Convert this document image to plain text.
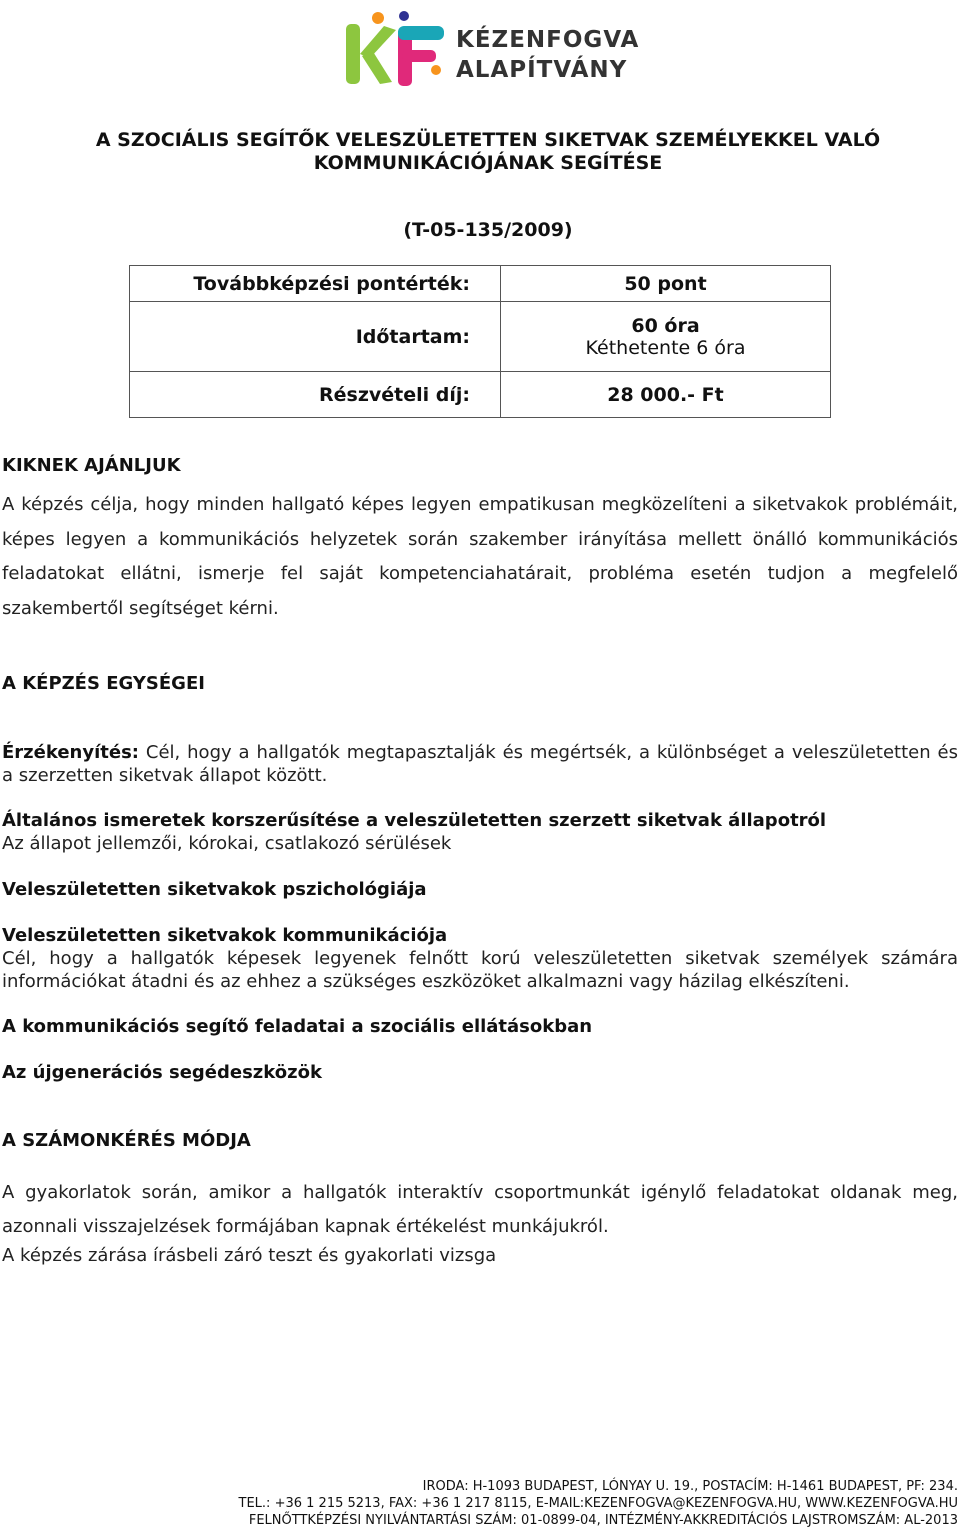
KÉZENFOGVA
ALAPÍTVÁNY
A SZOCIÁLIS SEGÍTŐK VELESZÜLETETTEN SIKETVAK SZEMÉLYEKKEL VALÓ
KOMMUNIKÁCIÓJÁNAK SEGÍTÉSE
(T-05-135/2009)
Továbbképzési pontérték:	50 pont
Időtartam:	60 óra
Kéthetente 6 óra

Részvételi díj:	28 000.- Ft
KIKNEK AJÁNLJUK
A képzés célja, hogy minden hallgató képes legyen empatikusan megközelíteni a siketvakok problémáit, képes legyen a kommunikációs helyzetek során szakember irányítása mellett önálló kommunikációs feladatokat ellátni, ismerje fel saját kompetenciahatárait, probléma esetén tudjon a megfelelő szakembertől segítséget kérni.
A KÉPZÉS EGYSÉGEI
Érzékenyítés: Cél, hogy a hallgatók megtapasztalják és megértsék, a különbséget a veleszületetten és a szerzetten siketvak állapot között.
Általános ismeretek korszerűsítése a veleszületetten szerzett siketvak állapotról
Az állapot jellemzői, kórokai, csatlakozó sérülések
Veleszületetten siketvakok pszichológiája
Veleszületetten siketvakok kommunikációja
Cél, hogy a hallgatók képesek legyenek felnőtt korú veleszületetten siketvak személyek számára információkat átadni és az ehhez a szükséges eszközöket alkalmazni vagy házilag elkészíteni.
A kommunikációs segítő feladatai a szociális ellátásokban
Az újgenerációs segédeszközök
A SZÁMONKÉRÉS MÓDJA
A gyakorlatok során, amikor a hallgatók interaktív csoportmunkát igénylő feladatokat oldanak meg, azonnali visszajelzések formájában kapnak értékelést munkájukról.
A képzés zárása írásbeli záró teszt és gyakorlati vizsga
IRODA: H-1093 BUDAPEST, LÓNYAY U. 19., POSTACÍM: H-1461 BUDAPEST, PF: 234.
TEL.: +36 1 215 5213, FAX: +36 1 217 8115, E-MAIL:KEZENFOGVA@KEZENFOGVA.HU, WWW.KEZENFOGVA.HU
FELNŐTTKÉPZÉSI NYILVÁNTARTÁSI SZÁM: 01-0899-04, INTÉZMÉNY-AKKREDITÁCIÓS LAJSTROMSZÁM: AL-2013
